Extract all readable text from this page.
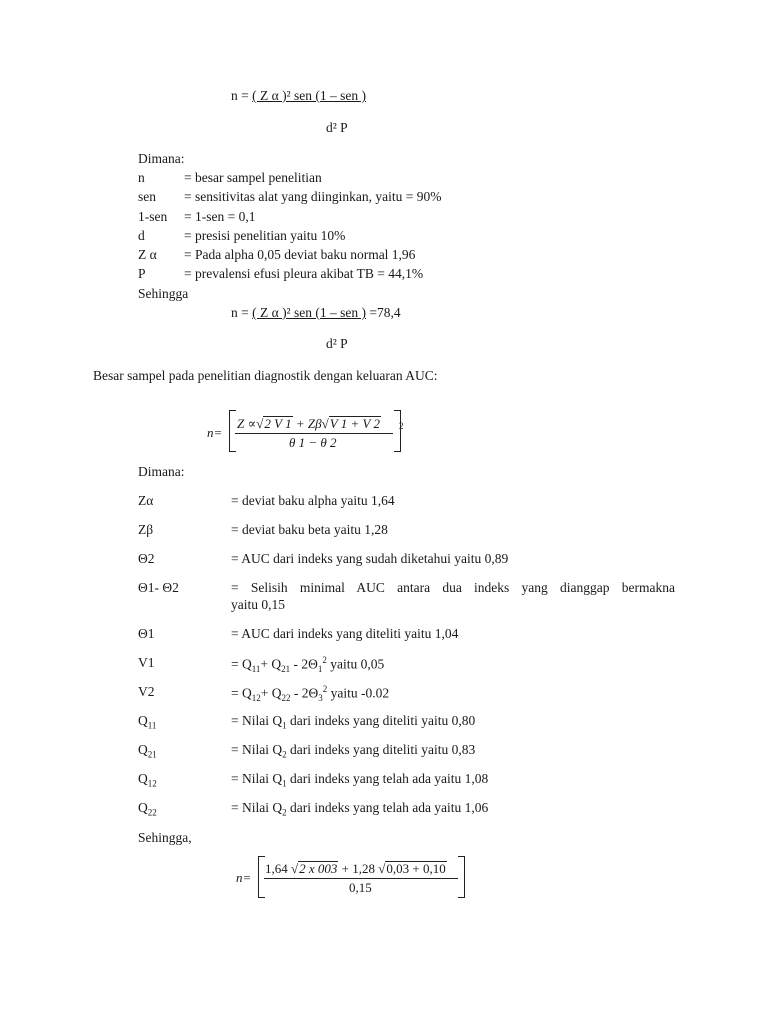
n = ( Z α )² sen (1 – sen )
d² P
Dimana:
n	= besar sampel penelitian
sen = sensitivitas alat yang diinginkan, yaitu = 90%
1-sen = 1-sen = 0,1
d	= presisi penelitian yaitu 10%
Z α = Pada alpha 0,05 deviat baku normal 1,96
P	= prevalensi efusi pleura akibat TB = 44,1%
Sehingga
n = ( Z α )² sen (1 – sen ) =78,4
d² P
Besar sampel pada penelitian diagnostik dengan keluaran AUC:
n=
Z ∝√2 V 1 + Zβ√V 1 + V 2
θ 1 − θ 2
2
Dimana:
Zα	= deviat baku alpha yaitu 1,64
Zβ	= deviat baku beta yaitu 1,28
Θ2	= AUC dari indeks yang sudah diketahui yaitu 0,89
Θ1- Θ2	= Selisih minimal AUC antara dua indeks yang dianggap bermakna
yaitu 0,15
Θ1	= AUC dari indeks yang diteliti yaitu 1,04
V1	= $Q_{11}+ Q_{21} - 2\Theta_1^2$ yaitu 0,05
V2	= $Q_{12}+ Q_{22} - 2\Theta_3^2$ yaitu -0.02
$Q_{11}$	= Nilai $Q_1$ dari indeks yang diteliti yaitu 0,80
$Q_{21}$	= Nilai $Q_2$ dari indeks yang diteliti yaitu 0,83
$Q_{12}$	= Nilai $Q_1$ dari indeks yang telah ada yaitu 1,08
$Q_{22}$	= Nilai $Q_2$ dari indeks yang telah ada yaitu 1,06
Sehingga,
n=
1,64 √2 x 003 + 1,28 √0,03 + 0,10
0,15
